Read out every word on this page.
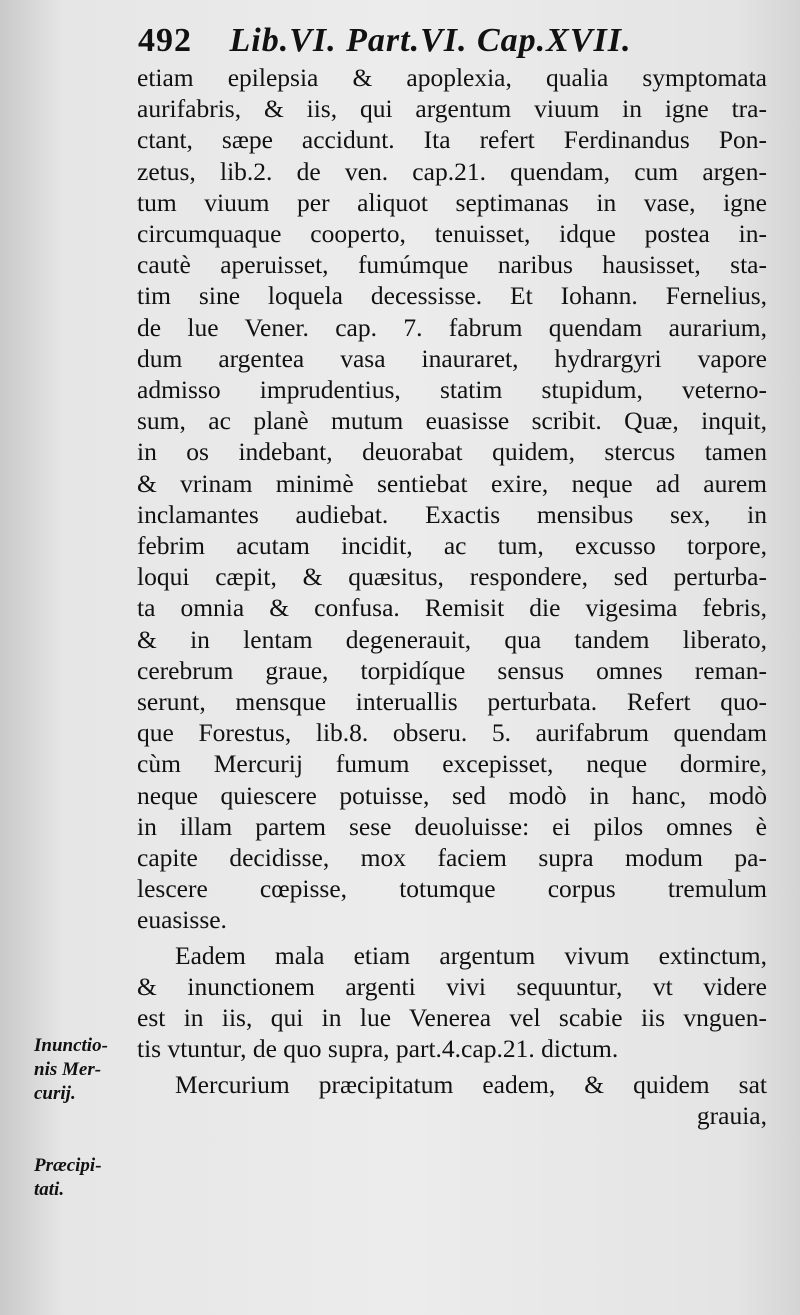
492 Lib.VI. Part.VI. Cap.XVII.
etiam epilepsia & apoplexia, qualia symptomata
aurifabris, & iis, qui argentum viuum in igne tra-
ctant, sæpe accidunt. Ita refert Ferdinandus Pon-
zetus, lib.2. de ven. cap.21. quendam, cum argen-
tum viuum per aliquot septimanas in vase, igne
circumquaque cooperto, tenuisset, idque postea in-
cautè aperuisset, fumúmque naribus hausisset, sta-
tim sine loquela decessisse. Et Iohann. Fernelius,
de lue Vener. cap. 7. fabrum quendam aurarium,
dum argentea vasa inauraret, hydrargyri vapore
admisso imprudentius, statim stupidum, veterno-
sum, ac planè mutum euasisse scribit. Quæ, inquit,
in os indebant, deuorabat quidem, stercus tamen
& vrinam minimè sentiebat exire, neque ad aurem
inclamantes audiebat. Exactis mensibus sex, in
febrim acutam incidit, ac tum, excusso torpore,
loqui cæpit, & quæsitus, respondere, sed perturba-
ta omnia & confusa. Remisit die vigesima febris,
& in lentam degenerauit, qua tandem liberato,
cerebrum graue, torpidíque sensus omnes reman-
serunt, mensque interuallis perturbata. Refert quo-
que Forestus, lib.8. obseru. 5. aurifabrum quendam
cùm Mercurij fumum excepisset, neque dormire,
neque quiescere potuisse, sed modò in hanc, modò
in illam partem sese deuoluisse: ei pilos omnes è
capite decidisse, mox faciem supra modum pa-
lescere cœpisse, totumque corpus tremulum
euasisse.
Eadem mala etiam argentum vivum extinctum,
& inunctionem argenti vivi sequuntur, vt videre
est in iis, qui in lue Venerea vel scabie iis vnguen-
tis vtuntur, de quo supra, part.4.cap.21. dictum.
Mercurium præcipitatum eadem, & quidem sat
grauia,
Inunctio-
nis Mer-
curij.
Præcipi-
tati.
